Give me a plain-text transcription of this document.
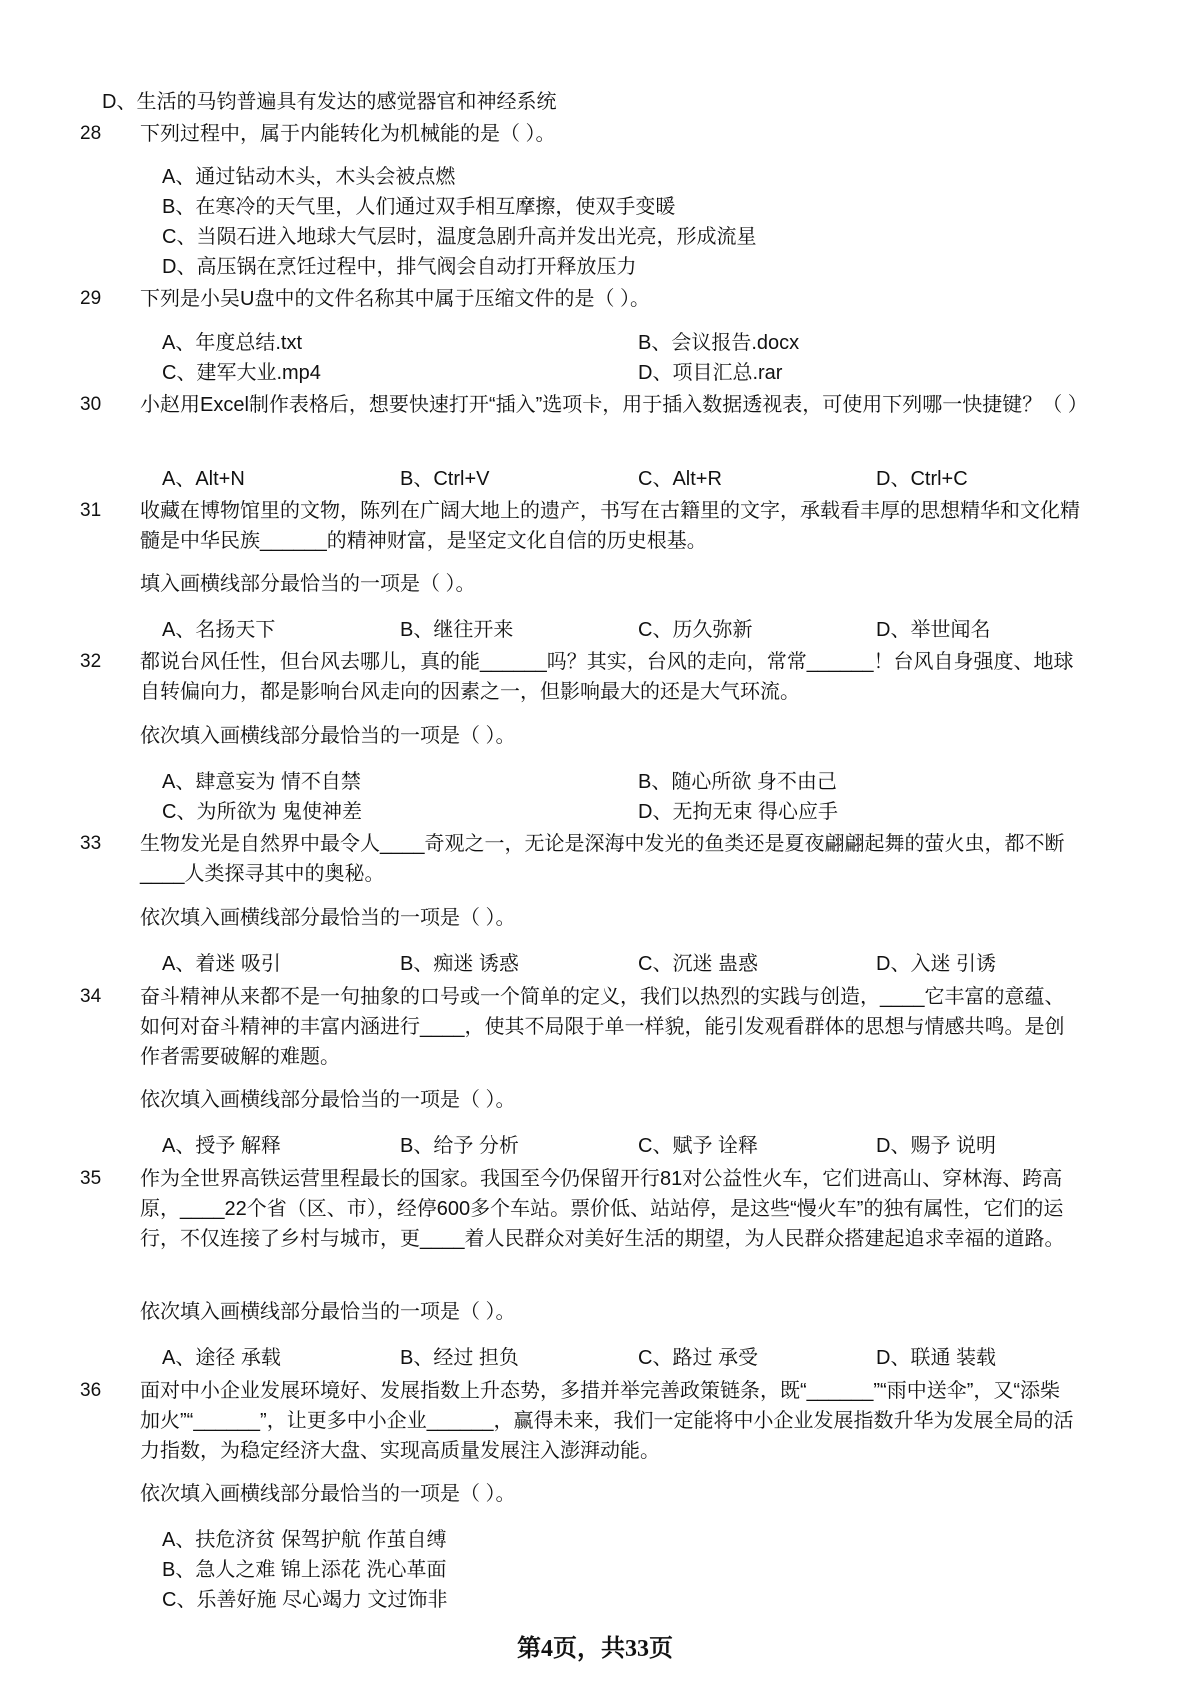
D、生活的马钧普遍具有发达的感觉器官和神经系统
28 下列过程中，属于内能转化为机械能的是（ ）。
A、通过钻动木头，木头会被点燃
B、在寒冷的天气里，人们通过双手相互摩擦，使双手变暖
C、当陨石进入地球大气层时，温度急剧升高并发出光亮，形成流星
D、高压锅在烹饪过程中，排气阀会自动打开释放压力
29 下列是小吴U盘中的文件名称其中属于压缩文件的是（ ）。
A、年度总结.txt	B、会议报告.docx
C、建军大业.mp4	D、项目汇总.rar
30 小赵用Excel制作表格后，想要快速打开“插入”选项卡，用于插入数据透视表，可使用下列哪一快捷键？（ ）
A、Alt+N	B、Ctrl+V	C、Alt+R	D、Ctrl+C
31 收藏在博物馆里的文物，陈列在广阔大地上的遗产，书写在古籍里的文字，承载看丰厚的思想精华和文化精髓是中华民族______的精神财富，是坚定文化自信的历史根基。
填入画横线部分最恰当的一项是（ ）。
A、名扬天下	B、继往开来	C、历久弥新	D、举世闻名
32 都说台风任性，但台风去哪儿，真的能______吗？其实，台风的走向，常常______！台风自身强度、地球自转偏向力，都是影响台风走向的因素之一，但影响最大的还是大气环流。
依次填入画横线部分最恰当的一项是（ ）。
A、肆意妄为 情不自禁	B、随心所欲 身不由己
C、为所欲为 鬼使神差	D、无拘无束 得心应手
33 生物发光是自然界中最令人____奇观之一，无论是深海中发光的鱼类还是夏夜翩翩起舞的萤火虫，都不断____人类探寻其中的奥秘。
依次填入画横线部分最恰当的一项是（ ）。
A、着迷 吸引	B、痴迷 诱惑	C、沉迷 蛊惑	D、入迷 引诱
34 奋斗精神从来都不是一句抽象的口号或一个简单的定义，我们以热烈的实践与创造，____它丰富的意蕴、如何对奋斗精神的丰富内涵进行____，使其不局限于单一样貌，能引发观看群体的思想与情感共鸣。是创作者需要破解的难题。
依次填入画横线部分最恰当的一项是（ ）。
A、授予 解释	B、给予 分析	C、赋予 诠释	D、赐予 说明
35 作为全世界高铁运营里程最长的国家。我国至今仍保留开行81对公益性火车，它们进高山、穿林海、跨高原，____22个省（区、市），经停600多个车站。票价低、站站停，是这些“慢火车”的独有属性，它们的运行，不仅连接了乡村与城市，更____着人民群众对美好生活的期望，为人民群众搭建起追求幸福的道路。
依次填入画横线部分最恰当的一项是（ ）。
A、途径 承载	B、经过 担负	C、路过 承受	D、联通 装载
36 面对中小企业发展环境好、发展指数上升态势，多措并举完善政策链条，既“______”“雨中送伞”，又“添柴加火”“______”，让更多中小企业______，赢得未来，我们一定能将中小企业发展指数升华为发展全局的活力指数，为稳定经济大盘、实现高质量发展注入澎湃动能。
依次填入画横线部分最恰当的一项是（ ）。
A、扶危济贫 保驾护航 作茧自缚
B、急人之难 锦上添花 洗心革面
C、乐善好施 尽心竭力 文过饰非
第4页，共33页
